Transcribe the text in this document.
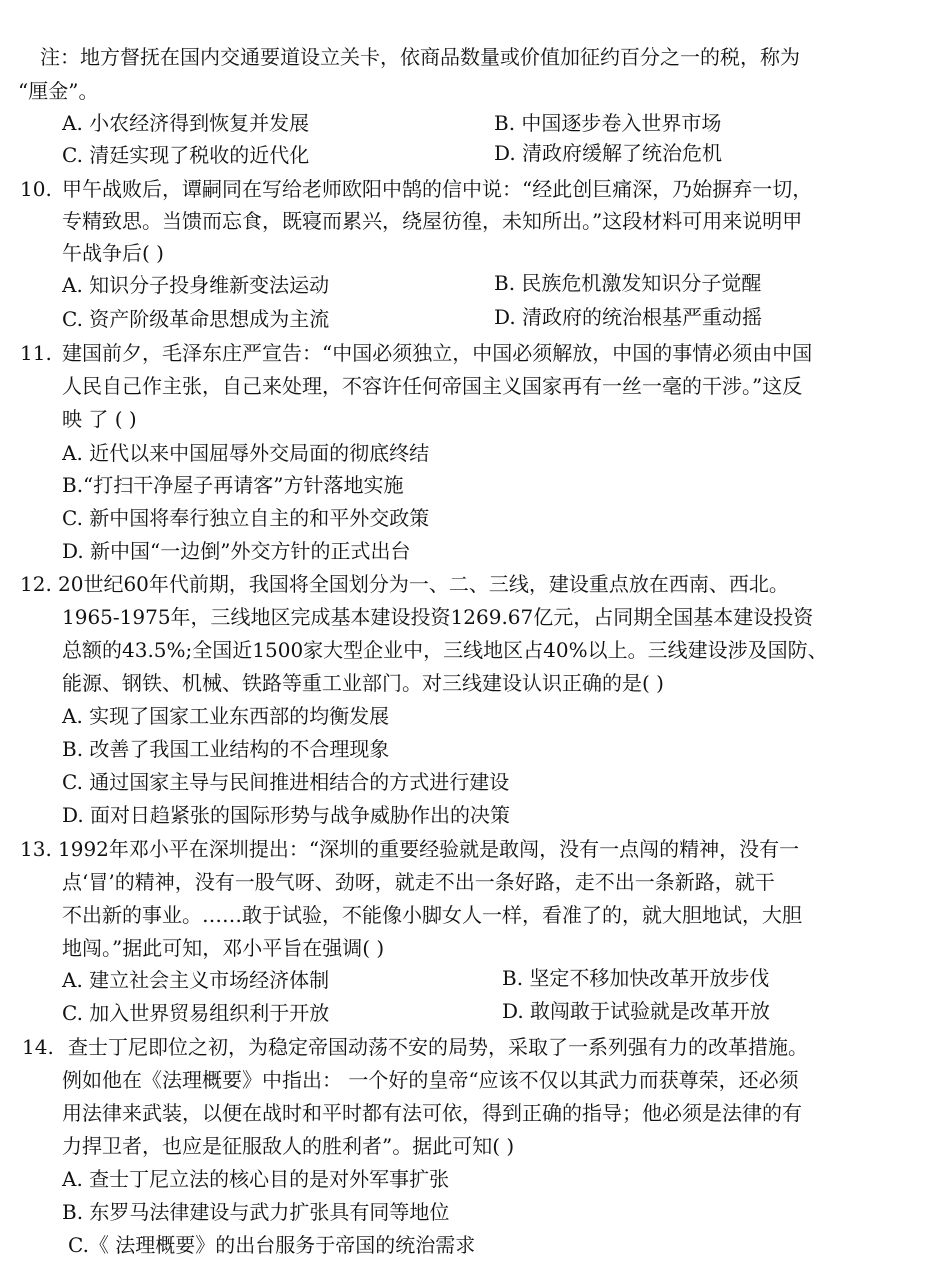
注：地方督抚在国内交通要道设立关卡，依商品数量或价值加征约百分之一的税，称为
“厘金”。
A. 小农经济得到恢复并发展	B. 中国逐步卷入世界市场
C. 清廷实现了税收的近代化	D. 清政府缓解了统治危机
10. 甲午战败后，谭嗣同在写给老师欧阳中鹄的信中说：“经此创巨痛深，乃始摒弃一切，
专精致思。当馈而忘食，既寝而累兴，绕屋彷徨，未知所出。”这段材料可用来说明甲
午战争后( )
A. 知识分子投身维新变法运动	B. 民族危机激发知识分子觉醒
C. 资产阶级革命思想成为主流	D. 清政府的统治根基严重动摇
11. 建国前夕，毛泽东庄严宣告：“中国必须独立，中国必须解放，中国的事情必须由中国
人民自己作主张，自己来处理，不容许任何帝国主义国家再有一丝一毫的干涉。”这反
映 了 ( )
A. 近代以来中国屈辱外交局面的彻底终结
B.“打扫干净屋子再请客”方针落地实施
C. 新中国将奉行独立自主的和平外交政策
D. 新中国“一边倒”外交方针的正式出台
12. 20世纪60年代前期，我国将全国划分为一、二、三线，建设重点放在西南、西北。
1965-1975年，三线地区完成基本建设投资1269.67亿元，占同期全国基本建设投资
总额的43.5%;全国近1500家大型企业中，三线地区占40%以上。三线建设涉及国防、
能源、钢铁、机械、铁路等重工业部门。对三线建设认识正确的是( )
A. 实现了国家工业东西部的均衡发展
B. 改善了我国工业结构的不合理现象
C. 通过国家主导与民间推进相结合的方式进行建设
D. 面对日趋紧张的国际形势与战争威胁作出的决策
13. 1992年邓小平在深圳提出：“深圳的重要经验就是敢闯，没有一点闯的精神，没有一
点‘冒’的精神，没有一股气呀、劲呀，就走不出一条好路，走不出一条新路，就干
不出新的事业。……敢于试验，不能像小脚女人一样，看准了的，就大胆地试，大胆
地闯。”据此可知，邓小平旨在强调( )
A. 建立社会主义市场经济体制	B. 坚定不移加快改革开放步伐
C. 加入世界贸易组织利于开放	D. 敢闯敢于试验就是改革开放
14. 查士丁尼即位之初，为稳定帝国动荡不安的局势，采取了一系列强有力的改革措施。
例如他在《法理概要》中指出： 一个好的皇帝“应该不仅以其武力而获尊荣，还必须
用法律来武装，以便在战时和平时都有法可依，得到正确的指导；他必须是法律的有
力捍卫者，也应是征服敌人的胜利者”。据此可知( )
A. 查士丁尼立法的核心目的是对外军事扩张
B. 东罗马法律建设与武力扩张具有同等地位
C.《 法理概要》的出台服务于帝国的统治需求
